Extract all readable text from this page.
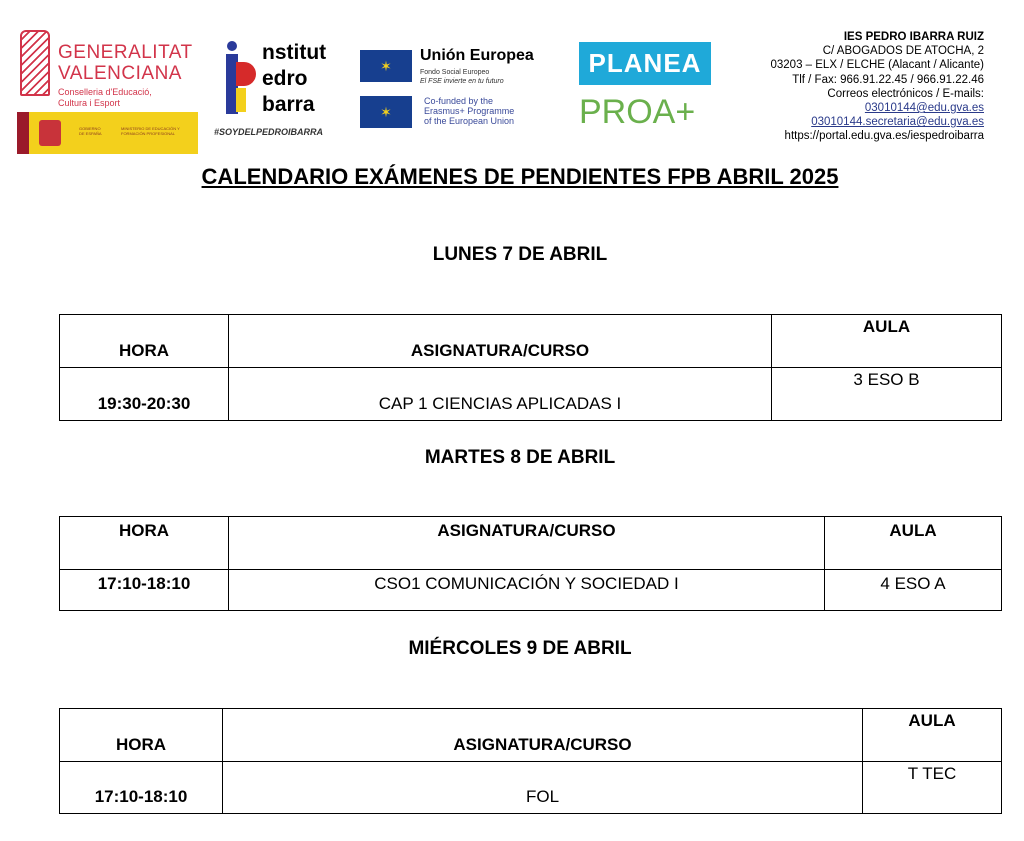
GENERALITAT
VALENCIANA
Conselleria d'Educació,
Cultura i Esport
GOBIERNO DE ESPAÑA
MINISTERIO DE EDUCACIÓN Y FORMACIÓN PROFESIONAL
nstitut
edro
barra
#SOYDELPEDROIBARRA
✶
✶
Unión Europea
Fondo Social Europeo
El FSE invierte en tu futuro
Co-funded by the
Erasmus+ Programme
of the European Union
PLANEA
PROA+
IES PEDRO IBARRA RUIZ
C/ ABOGADOS DE ATOCHA, 2
03203 – ELX / ELCHE (Alacant / Alicante)
Tlf / Fax: 966.91.22.45 / 966.91.22.46
Correos electrónicos / E-mails:
03010144@edu.gva.es
03010144.secretaria@edu.gva.es
https://portal.edu.gva.es/iespedroibarra
CALENDARIO EXÁMENES DE PENDIENTES FPB ABRIL 2025
LUNES 7 DE ABRIL
HORA	ASIGNATURA/CURSO	AULA
19:30-20:30	CAP 1 CIENCIAS APLICADAS I	3 ESO B
MARTES 8 DE ABRIL
HORA	ASIGNATURA/CURSO	AULA
17:10-18:10	CSO1 COMUNICACIÓN Y SOCIEDAD I	4 ESO A
MIÉRCOLES 9 DE ABRIL
HORA	ASIGNATURA/CURSO	AULA
17:10-18:10	FOL	T TEC
